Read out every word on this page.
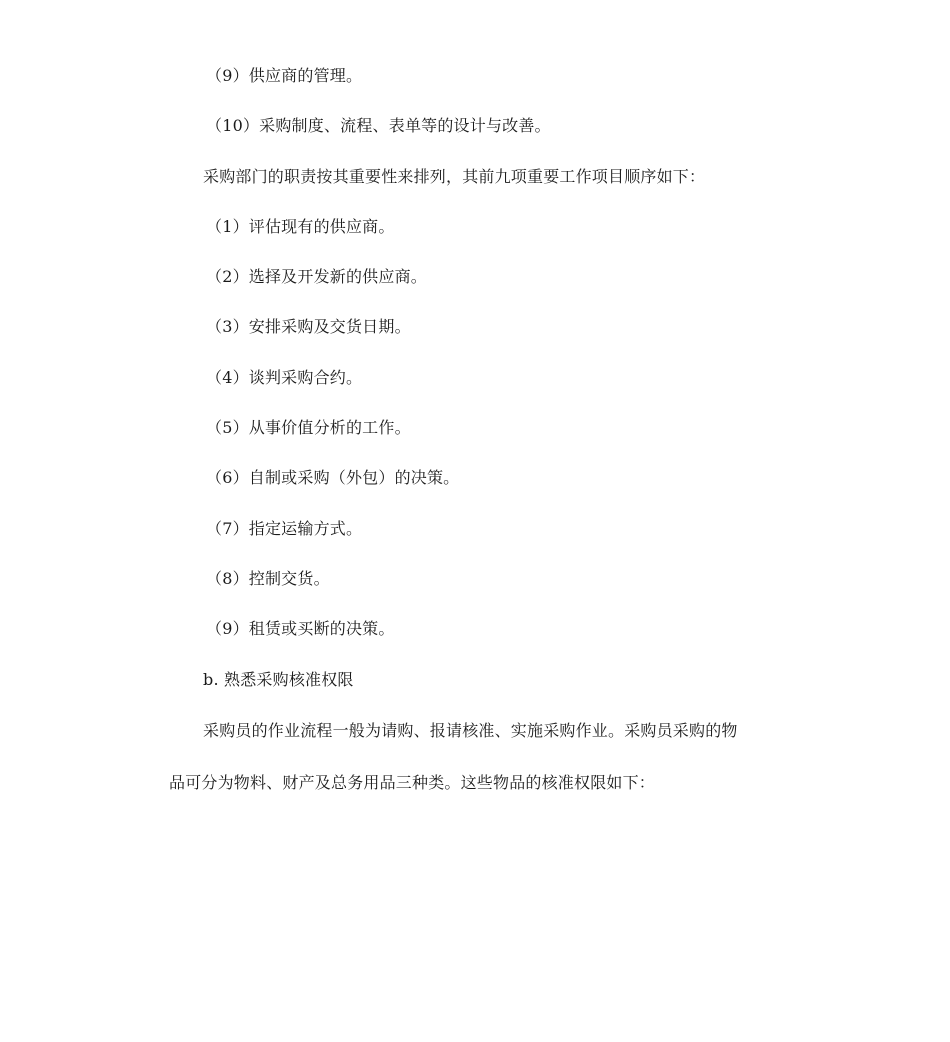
（9）供应商的管理。
（10）采购制度、流程、表单等的设计与改善。
采购部门的职责按其重要性来排列，其前九项重要工作项目顺序如下：
（1）评估现有的供应商。
（2）选择及开发新的供应商。
（3）安排采购及交货日期。
（4）谈判采购合约。
（5）从事价值分析的工作。
（6）自制或采购（外包）的决策。
（7）指定运输方式。
（8）控制交货。
（9）租赁或买断的决策。
b. 熟悉采购核准权限
采购员的作业流程一般为请购、报请核准、实施采购作业。采购员采购的物
品可分为物料、财产及总务用品三种类。这些物品的核准权限如下：
